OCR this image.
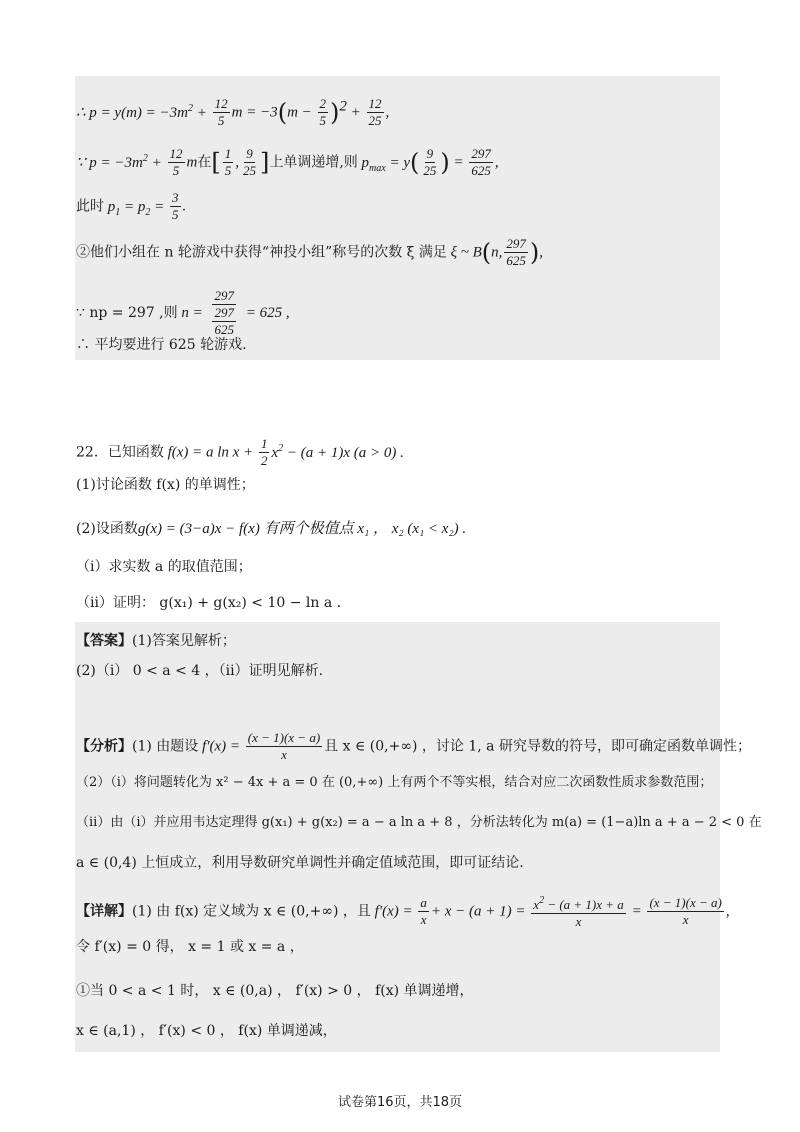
∴ $p = y(m) = -3m^2 + \frac{12}{5}$ $m = -3(m - \frac{2}{5} )^2 + \frac{12}{25}$ ,
∵ $p = -3m^2 + \frac{12}{5}$ m在[ $\frac{1}{5}$ , $\frac{9}{25}$ ]上单调递增,则 $p_{max} = y( \frac{9}{25}$ ) = $\frac{297}{625}$ ,
此时 $p_1 = p_2 = \frac{3}{5}$ .
②他们小组在 n 轮游戏中获得“神投小组”称号的次数 ξ 满足 ξ ~ B(n, $\frac{297}{625}$ ),
∵ np = 297 ,则 $n = \frac{297}{\frac{297}{625}} = 625$ ,
∴ 平均要进行 625 轮游戏.
22．已知函数 f(x) = a $\ln x + \frac{1}{2} x^2 - (a + 1)x$ (a > 0) .
(1)讨论函数 f(x) 的单调性；
(2)设函数g(x) = (3−a)x − f(x) 有两个极值点 x₁ ， x₂ (x₁ < x₂) .
（i）求实数 a 的取值范围；
（ii）证明： g(x₁) + g(x₂) < 10 − ln a .
【答案】(1)答案见解析；
(2)（i） 0 < a < 4 ，（ii）证明见解析.
【分析】(1) 由题设 $f'(x) = \frac{(x - 1)(x - a)}{x}$ 且 x ∈ (0,+∞) ，讨论 1, a 研究导数的符号，即可确定函数单调性；
（2）（i）将问题转化为 x² − 4x + a = 0 在 (0,+∞) 上有两个不等实根，结合对应二次函数性质求参数范围；
（ii）由（i）并应用韦达定理得 g(x₁) + g(x₂) = a − a ln a + 8 ，分析法转化为 m(a) = (1−a)ln a + a − 2 < 0 在
a ∈ (0,4) 上恒成立，利用导数研究单调性并确定值域范围，即可证结论.
【详解】(1) 由 f(x) 定义域为 x ∈ (0,+∞) ，且 $f'(x) = \frac{a}{x} + x - (a + 1) = \frac{x^2 - (a + 1)x + a}{x} = \frac{(x - 1)(x - a)}{x}$ ,
令 f′(x) = 0 得， x = 1 或 x = a ，
①当 0 < a < 1 时， x ∈ (0,a) ， f′(x) > 0 ， f(x) 单调递增，
x ∈ (a,1) ， f′(x) < 0 ， f(x) 单调递减，
试卷第16页，共18页
